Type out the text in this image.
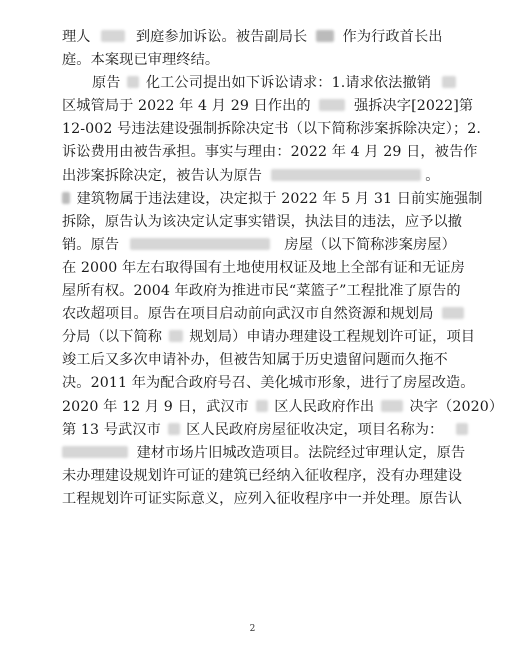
理人	到庭参加诉讼。被告副局长 作为行政首长出
庭。本案现已审理终结。
原告 化工公司提出如下诉讼请求：1.请求依法撤销
区城管局于 2022 年 4 月 29 日作出的	强拆决字[2022]第
12-002 号违法建设强制拆除决定书（以下简称涉案拆除决定）；2.
诉讼费用由被告承担。事实与理由：2022 年 4 月 29 日，被告作
出涉案拆除决定，被告认为原告	。
建筑物属于违法建设，决定拟于 2022 年 5 月 31 日前实施强制
拆除，原告认为该决定认定事实错误，执法目的违法，应予以撤
销。原告	房屋（以下简称涉案房屋）
在 2000 年左右取得国有土地使用权证及地上全部有证和无证房
屋所有权。2004 年政府为推进市民“菜篮子”工程批准了原告的
农改超项目。原告在项目启动前向武汉市自然资源和规划局
分局（以下简称 规划局）申请办理建设工程规划许可证，项目
竣工后又多次申请补办，但被告知属于历史遗留问题而久拖不
决。2011 年为配合政府号召、美化城市形象，进行了房屋改造。
2020 年 12 月 9 日，武汉市 区人民政府作出 决字（2020）
第 13 号武汉市 区人民政府房屋征收决定，项目名称为：
建材市场片旧城改造项目。法院经过审理认定，原告
未办理建设规划许可证的建筑已经纳入征收程序，没有办理建设
工程规划许可证实际意义，应列入征收程序中一并处理。原告认
2
